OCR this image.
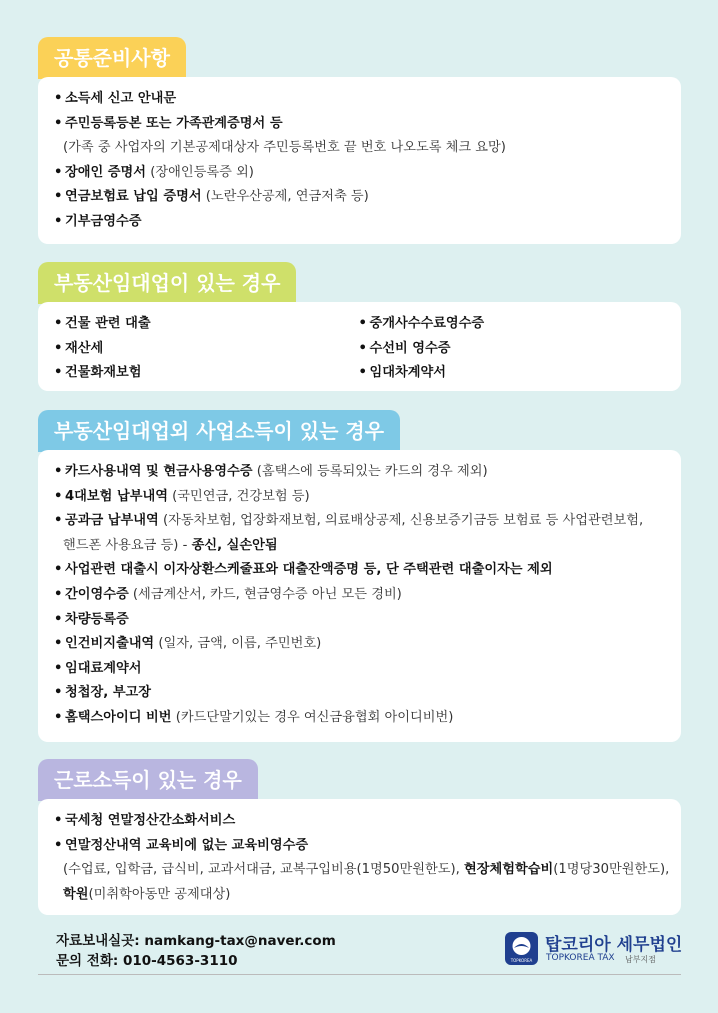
공통준비사항
• 소득세 신고 안내문
• 주민등록등본 또는 가족관계증명서 등
(가족 중 사업자의 기본공제대상자 주민등록번호 끝 번호 나오도록 체크 요망)
• 장애인 증명서 (장애인등록증 외)
• 연금보험료 납입 증명서 (노란우산공제, 연금저축 등)
• 기부금영수증
부동산임대업이 있는 경우
• 건물 관련 대출
• 재산세
• 건물화재보험
• 중개사수수료영수증
• 수선비 영수증
• 임대차계약서
부동산임대업외 사업소득이 있는 경우
• 카드사용내역 및 현금사용영수증 (홈택스에 등록되있는 카드의 경우 제외)
• 4대보험 납부내역 (국민연금, 건강보험 등)
• 공과금 납부내역 (자동차보험, 업장화재보험, 의료배상공제, 신용보증기금등 보험료 등 사업관련보험,
핸드폰 사용요금 등) - 종신, 실손안됨
• 사업관련 대출시 이자상환스케줄표와 대출잔액증명 등, 단 주택관련 대출이자는 제외
• 간이영수증 (세금계산서, 카드, 현금영수증 아닌 모든 경비)
• 차량등록증
• 인건비지출내역 (일자, 금액, 이름, 주민번호)
• 임대료계약서
• 청첩장, 부고장
• 홈택스아이디 비번 (카드단말기있는 경우 여신금융협회 아이디비번)
근로소득이 있는 경우
• 국세청 연말정산간소화서비스
• 연말정산내역 교육비에 없는 교육비영수증
(수업료, 입학금, 급식비, 교과서대금, 교복구입비용(1명50만원한도), 현장체험학습비(1명당30만원한도),
학원(미취학아동만 공제대상)
자료보내실곳: namkang-tax@naver.com
문의 전화: 010-4563-3110	TOPKOREA
탑코리아 세무법인
TOPKOREA TAX 남부지점
